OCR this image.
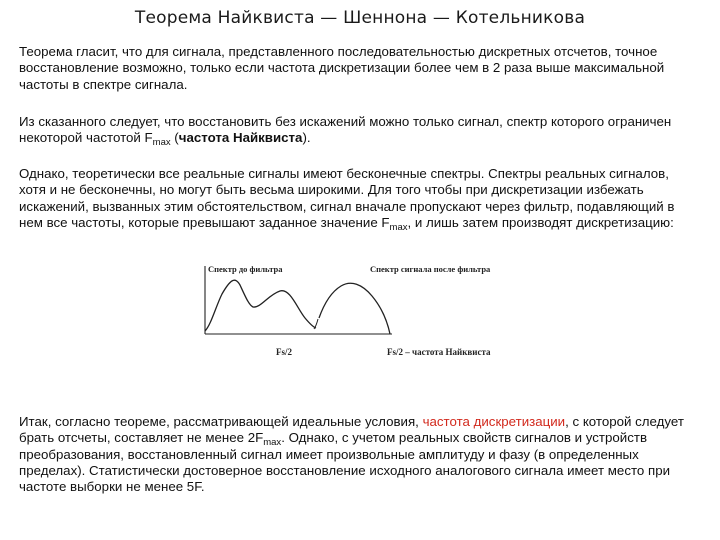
Теорема Найквиста — Шеннона — Котельникова

Теорема гласит, что для сигнала, представленного последовательностью дискретных отсчетов, точное восстановление возможно, только если частота дискретизации более чем в 2 раза выше максимальной частоты в спектре сигнала.

Из сказанного следует, что восстановить без искажений можно только сигнал, спектр которого ограничен некоторой частотой $F_{max}$ (частота Найквиста).

Однако, теоретически все реальные сигналы имеют бесконечные спектры. Спектры реальных сигналов, хотя и не бесконечны, но могут быть весьма широкими. Для того чтобы при дискретизации избежать искажений, вызванных этим обстоятельством, сигнал вначале пропускают через фильтр, подавляющий в нем все частоты, которые превышают заданное значение $F_{max}$, и лишь затем производят дискретизацию:

Спектр до фильтра	Спектр сигнала после фильтра
Fs/2	Fs/2 – частота Найквиста

Итак, согласно теореме, рассматривающей идеальные условия, частота дискретизации, с которой следует брать отсчеты, составляет не менее $2F_{max}$. Однако, с учетом реальных свойств сигналов и устройств преобразования, восстановленный сигнал имеет произвольные амплитуду и фазу (в определенных пределах). Статистически достоверное восстановление исходного аналогового сигнала имеет место при частоте выборки не менее 5F.
